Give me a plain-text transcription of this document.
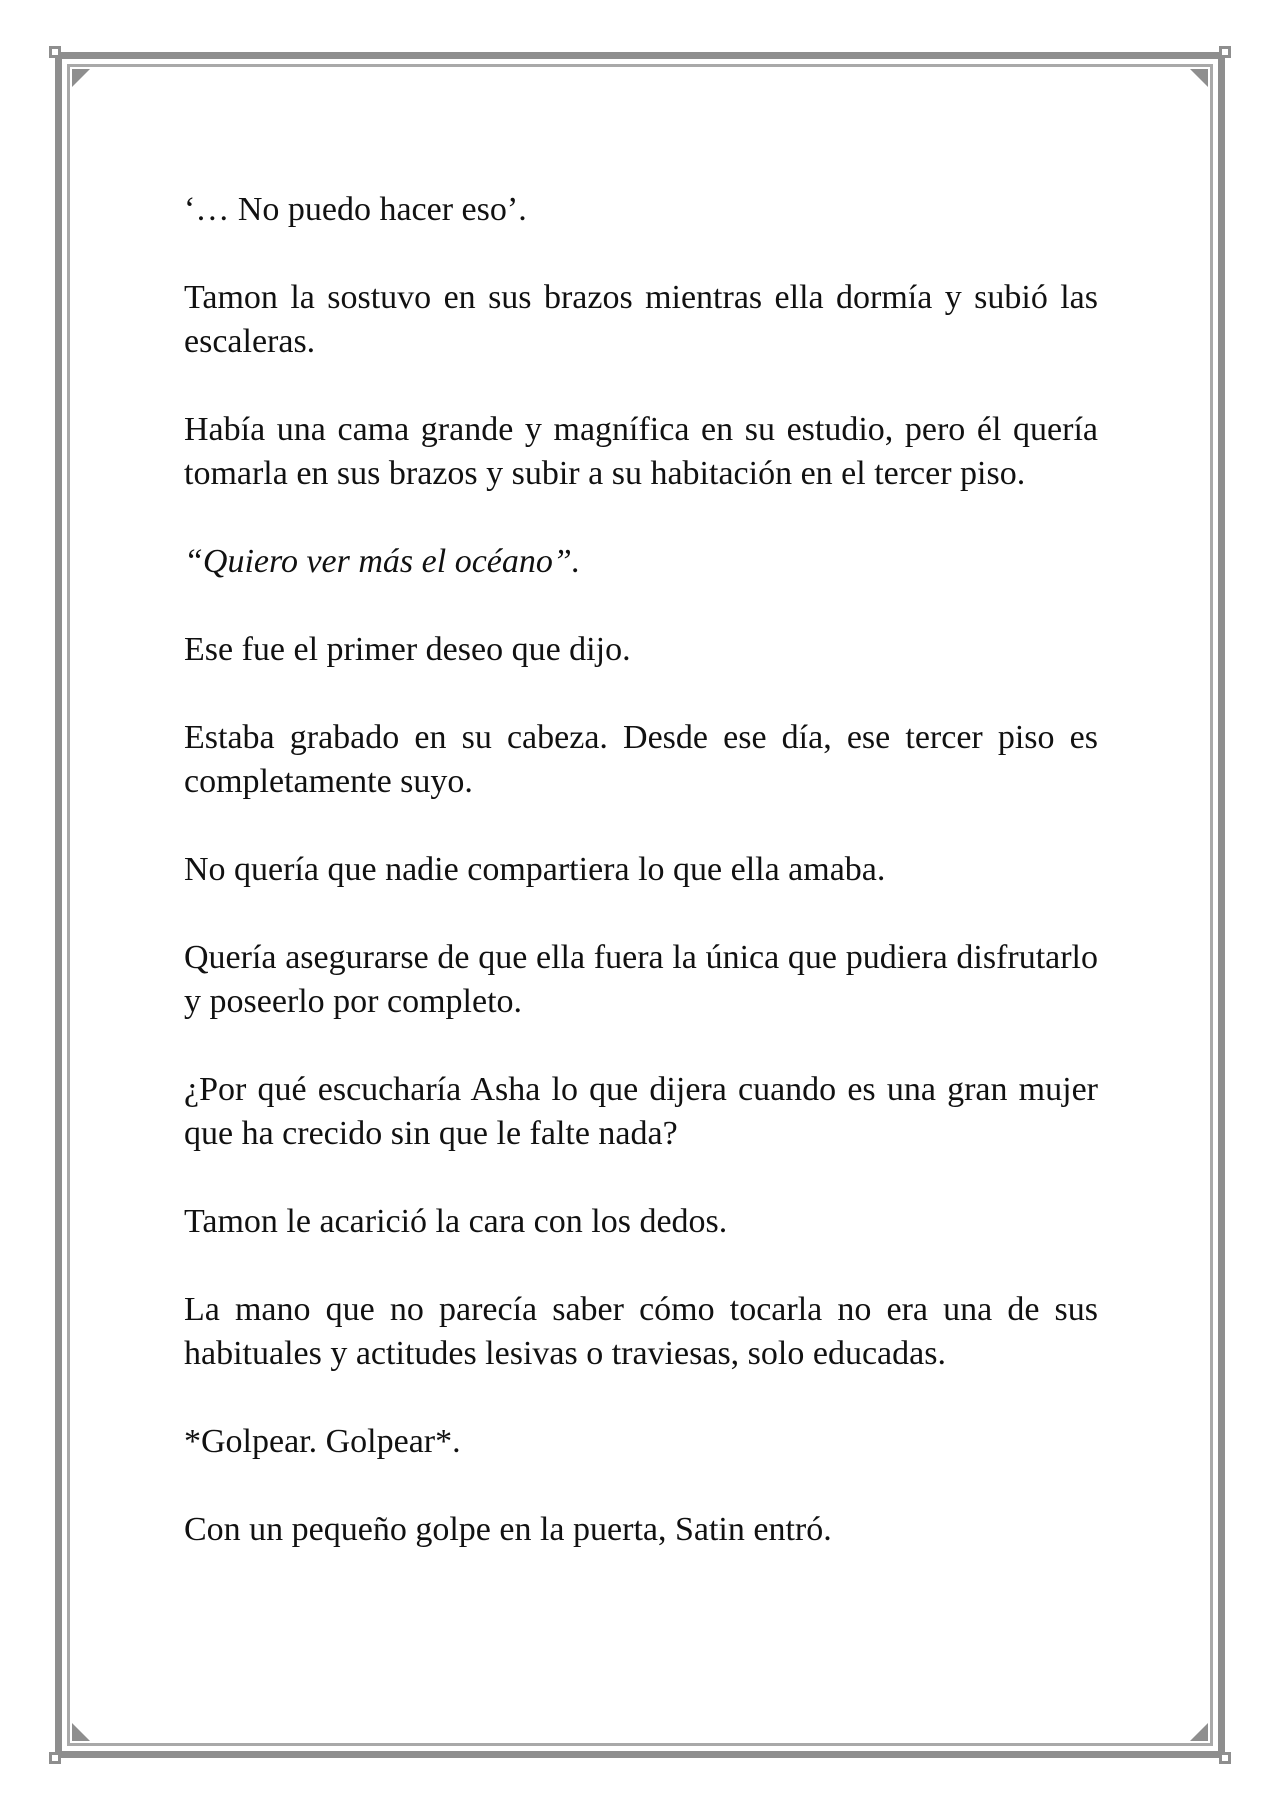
‘… No puedo hacer eso’.

Tamon la sostuvo en sus brazos mientras ella dormía y subió las escaleras.

Había una cama grande y magnífica en su estudio, pero él quería tomarla en sus brazos y subir a su habitación en el tercer piso.

“Quiero ver más el océano”.

Ese fue el primer deseo que dijo.

Estaba grabado en su cabeza. Desde ese día, ese tercer piso es completamente suyo.

No quería que nadie compartiera lo que ella amaba.

Quería asegurarse de que ella fuera la única que pudiera disfrutarlo y poseerlo por completo.

¿Por qué escucharía Asha lo que dijera cuando es una gran mujer que ha crecido sin que le falte nada?

Tamon le acarició la cara con los dedos.

La mano que no parecía saber cómo tocarla no era una de sus habituales y actitudes lesivas o traviesas, solo educadas.

*Golpear. Golpear*.

Con un pequeño golpe en la puerta, Satin entró.
